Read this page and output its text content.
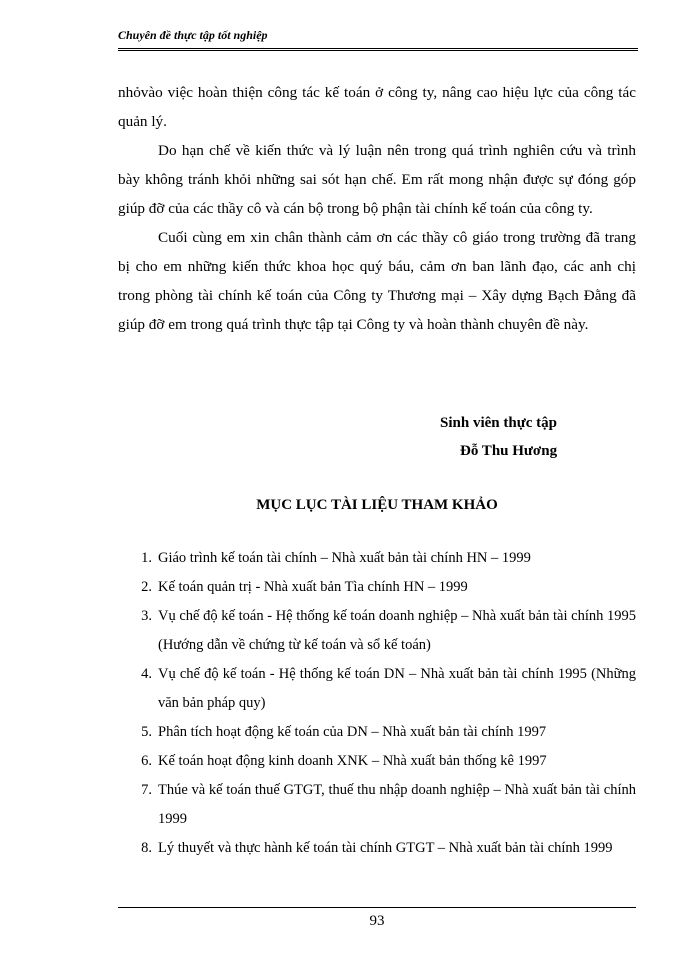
Chuyên đề thực tập tốt nghiệp

nhỏvào việc hoàn thiện công tác kế toán ở công ty, nâng cao hiệu lực của công tác quản lý.

Do hạn chế về kiến thức và lý luận nên trong quá trình nghiên cứu và trình bày không tránh khỏi những sai sót hạn chế. Em rất mong nhận được sự đóng góp giúp đỡ của các thầy cô và cán bộ trong bộ phận tài chính kế toán của công ty.

Cuối cùng em xin chân thành cảm ơn các thầy cô giáo trong trường đã trang bị cho em những kiến thức khoa học quý báu, cảm ơn ban lãnh đạo, các anh chị trong phòng tài chính kế toán của Công ty Thương mại – Xây dựng Bạch Đằng đã giúp đỡ em trong quá trình thực tập tại Công ty và hoàn thành chuyên đề này.

Sinh viên thực tập
Đỗ Thu Hương
MỤC LỤC TÀI LIỆU THAM KHẢO
1. Giáo trình kế toán tài chính – Nhà xuất bản tài chính HN – 1999
2. Kế toán quản trị - Nhà xuất bản Tìa chính HN – 1999
3. Vụ chế độ kế toán - Hệ thống kế toán doanh nghiệp – Nhà xuất bản tài chính 1995 (Hướng dẫn về chứng từ kế toán và sổ kế toán)
4. Vụ chế độ kế toán - Hệ thống kế toán DN – Nhà xuất bản tài chính 1995 (Những văn bản pháp quy)
5. Phân tích hoạt động kế toán của DN – Nhà xuất bản tài chính 1997
6. Kế toán hoạt động kinh doanh XNK – Nhà xuất bản thống kê 1997
7. Thúe và kế toán thuế GTGT, thuế thu nhập doanh nghiệp – Nhà xuất bản tài chính 1999
8. Lý thuyết và thực hành kế toán tài chính GTGT – Nhà xuất bản tài chính 1999
93
